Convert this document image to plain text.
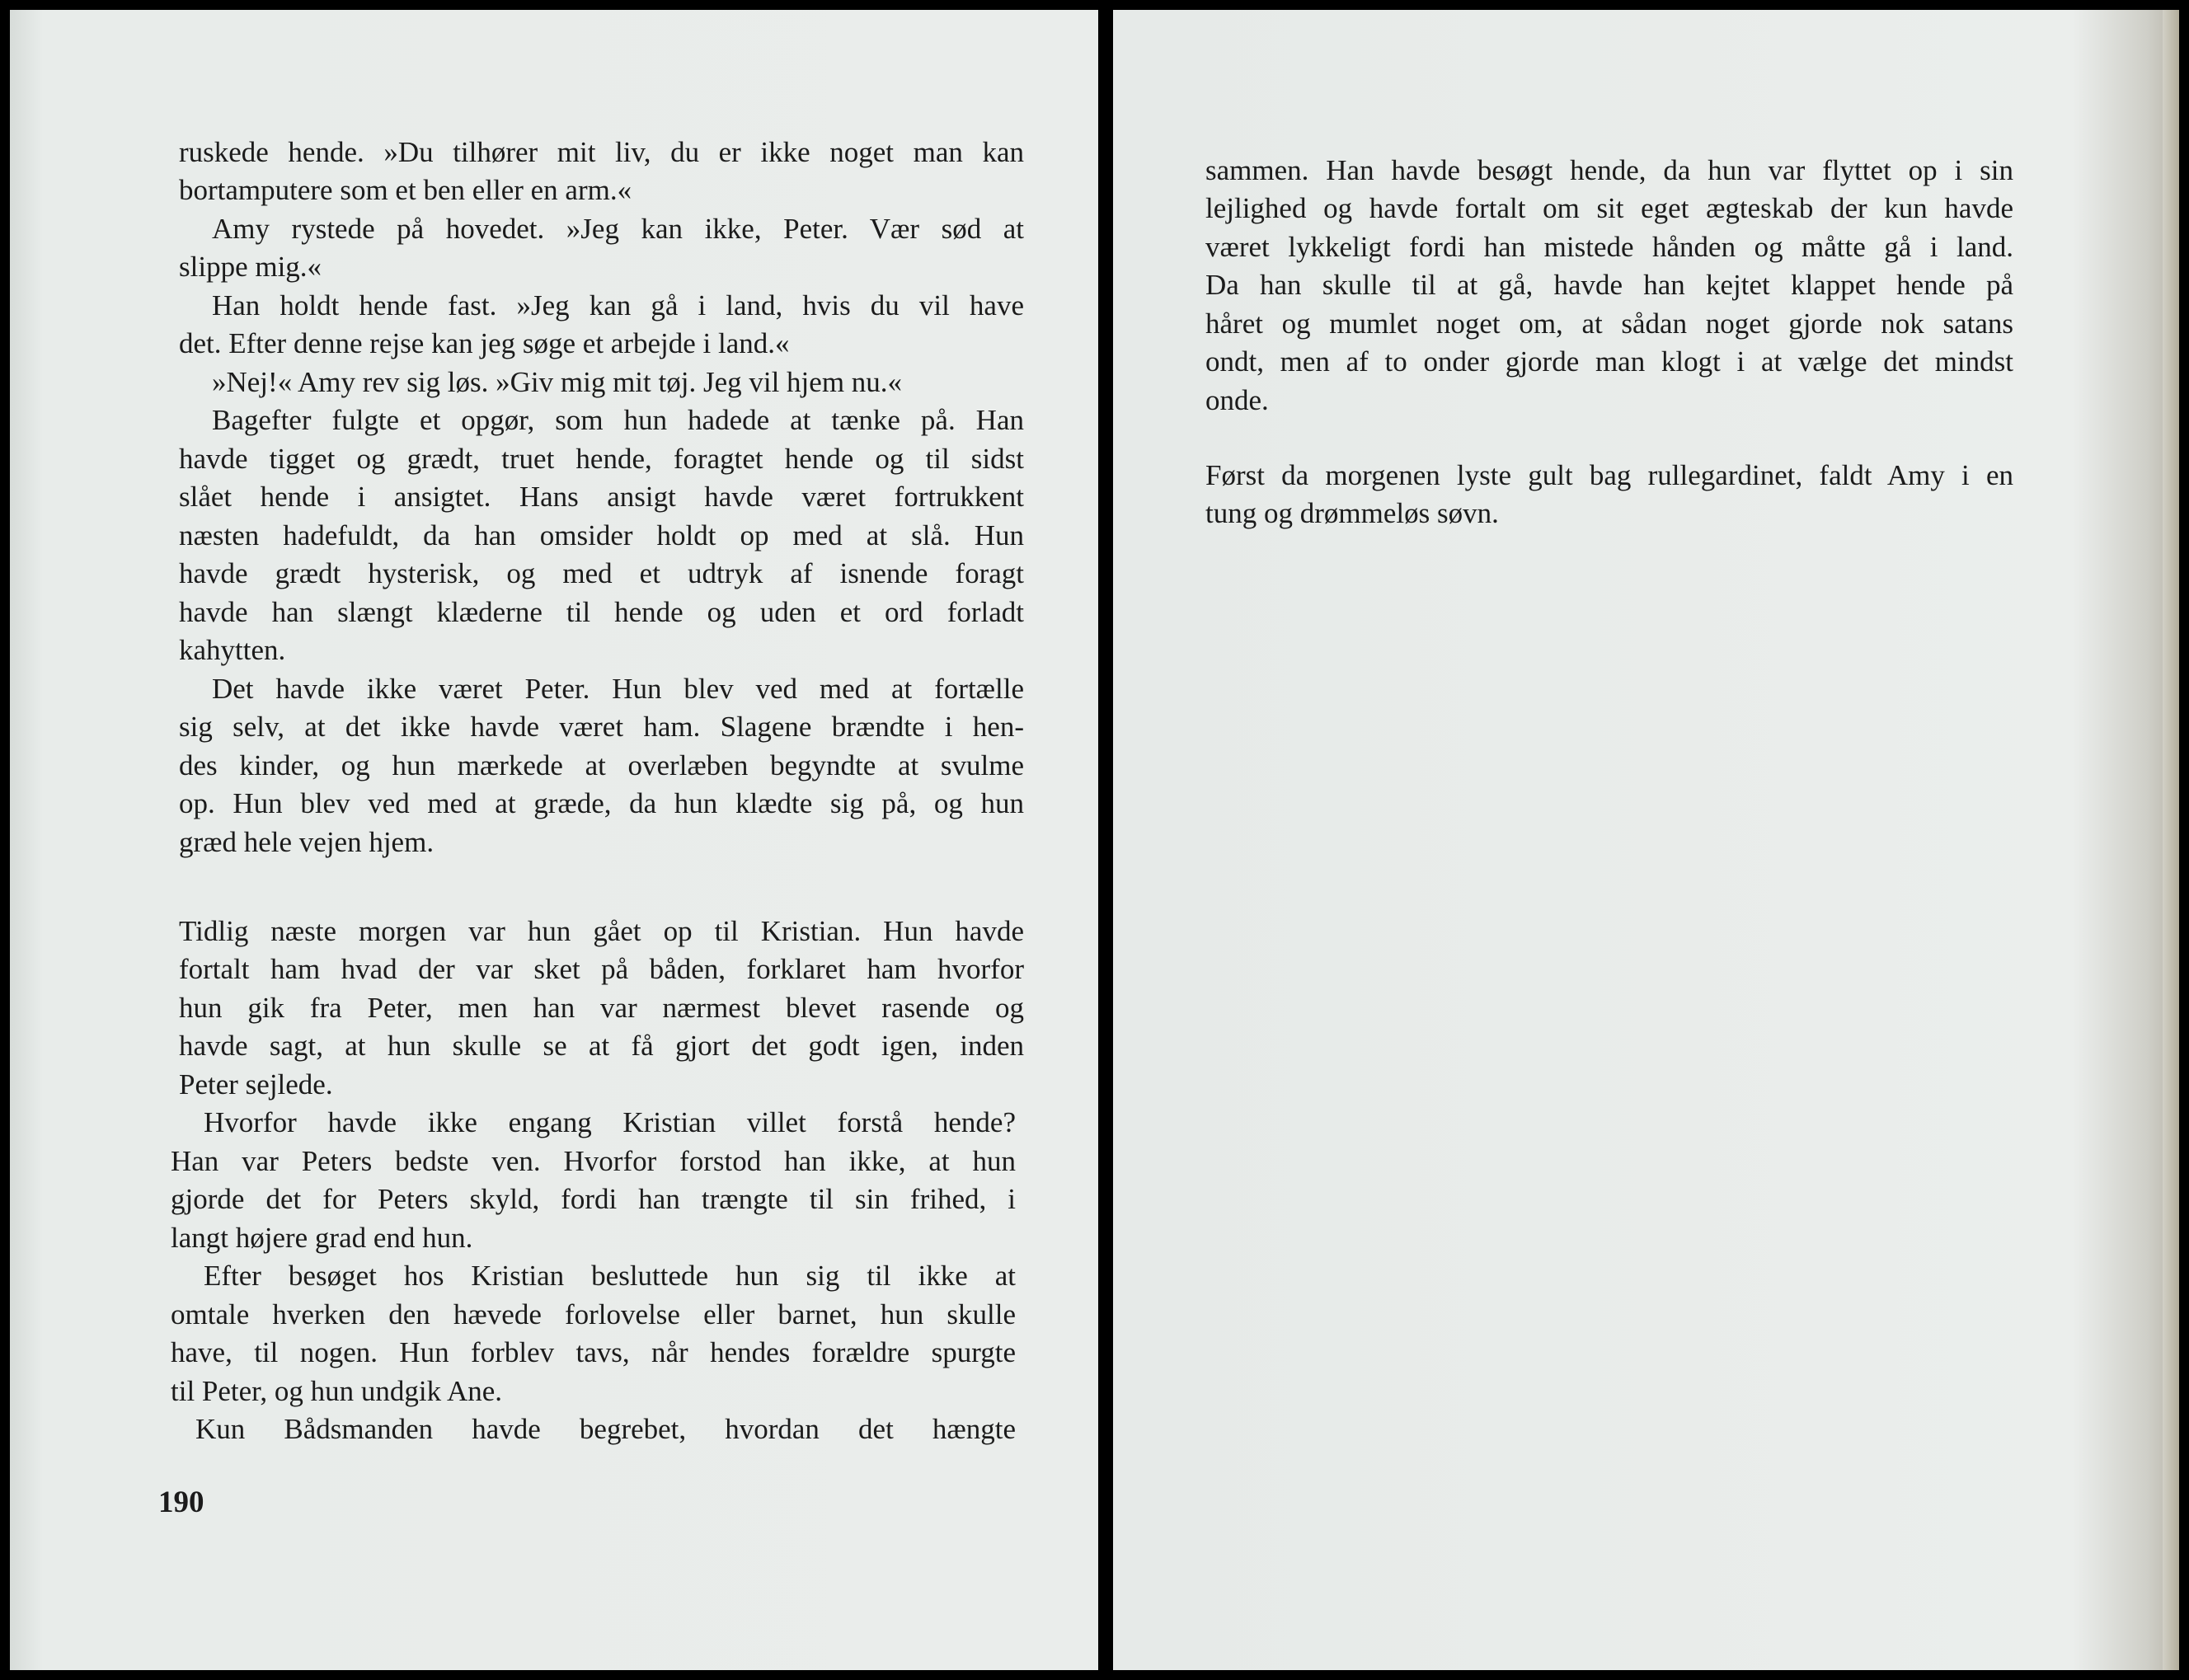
ruskede hende. »Du tilhører mit liv, du er ikke noget man kan
bortamputere som et ben eller en arm.«
Amy rystede på hovedet. »Jeg kan ikke, Peter. Vær sød at
slippe mig.«
Han holdt hende fast. »Jeg kan gå i land, hvis du vil have
det. Efter denne rejse kan jeg søge et arbejde i land.«
»Nej!« Amy rev sig løs. »Giv mig mit tøj. Jeg vil hjem nu.«
Bagefter fulgte et opgør, som hun hadede at tænke på. Han
havde tigget og grædt, truet hende, foragtet hende og til sidst
slået hende i ansigtet. Hans ansigt havde været fortrukkent
næsten hadefuldt, da han omsider holdt op med at slå. Hun
havde grædt hysterisk, og med et udtryk af isnende foragt
havde han slængt klæderne til hende og uden et ord forladt
kahytten.
Det havde ikke været Peter. Hun blev ved med at fortælle
sig selv, at det ikke havde været ham. Slagene brændte i hen-
des kinder, og hun mærkede at overlæben begyndte at svulme
op. Hun blev ved med at græde, da hun klædte sig på, og hun
græd hele vejen hjem.
Tidlig næste morgen var hun gået op til Kristian. Hun havde
fortalt ham hvad der var sket på båden, forklaret ham hvorfor
hun gik fra Peter, men han var nærmest blevet rasende og
havde sagt, at hun skulle se at få gjort det godt igen, inden
Peter sejlede.
Hvorfor havde ikke engang Kristian villet forstå hende?
Han var Peters bedste ven. Hvorfor forstod han ikke, at hun
gjorde det for Peters skyld, fordi han trængte til sin frihed, i
langt højere grad end hun.
Efter besøget hos Kristian besluttede hun sig til ikke at
omtale hverken den hævede forlovelse eller barnet, hun skulle
have, til nogen. Hun forblev tavs, når hendes forældre spurgte
til Peter, og hun undgik Ane.
Kun Bådsmanden havde begrebet, hvordan det hængte
190
sammen. Han havde besøgt hende, da hun var flyttet op i sin
lejlighed og havde fortalt om sit eget ægteskab der kun havde
været lykkeligt fordi han mistede hånden og måtte gå i land.
Da han skulle til at gå, havde han kejtet klappet hende på
håret og mumlet noget om, at sådan noget gjorde nok satans
ondt, men af to onder gjorde man klogt i at vælge det mindst
onde.
Først da morgenen lyste gult bag rullegardinet, faldt Amy i en
tung og drømmeløs søvn.
